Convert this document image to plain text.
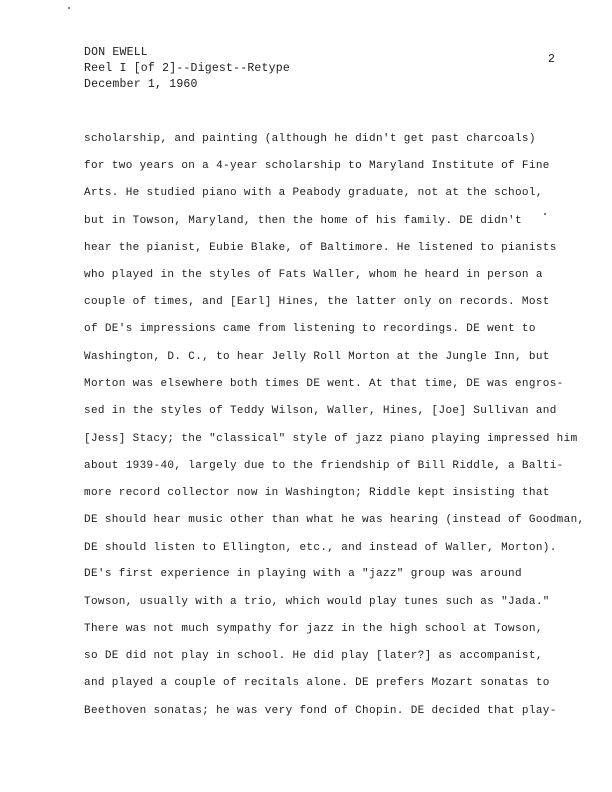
DON EWELL
Reel I [of 2]--Digest--Retype
December 1, 1960
2
scholarship, and painting (although he didn't get past charcoals)
for two years on a 4-year scholarship to Maryland Institute of Fine
Arts. He studied piano with a Peabody graduate, not at the school,
but in Towson, Maryland, then the home of his family. DE didn't
hear the pianist, Eubie Blake, of Baltimore. He listened to pianists
who played in the styles of Fats Waller, whom he heard in person a
couple of times, and [Earl] Hines, the latter only on records. Most
of DE's impressions came from listening to recordings. DE went to
Washington, D. C., to hear Jelly Roll Morton at the Jungle Inn, but
Morton was elsewhere both times DE went. At that time, DE was engros-
sed in the styles of Teddy Wilson, Waller, Hines, [Joe] Sullivan and
[Jess] Stacy; the "classical" style of jazz piano playing impressed him
about 1939-40, largely due to the friendship of Bill Riddle, a Balti-
more record collector now in Washington; Riddle kept insisting that
DE should hear music other than what he was hearing (instead of Goodman,
DE should listen to Ellington, etc., and instead of Waller, Morton).
DE's first experience in playing with a "jazz" group was around
Towson, usually with a trio, which would play tunes such as "Jada."
There was not much sympathy for jazz in the high school at Towson,
so DE did not play in school. He did play [later?] as accompanist,
and played a couple of recitals alone. DE prefers Mozart sonatas to
Beethoven sonatas; he was very fond of Chopin. DE decided that play-
